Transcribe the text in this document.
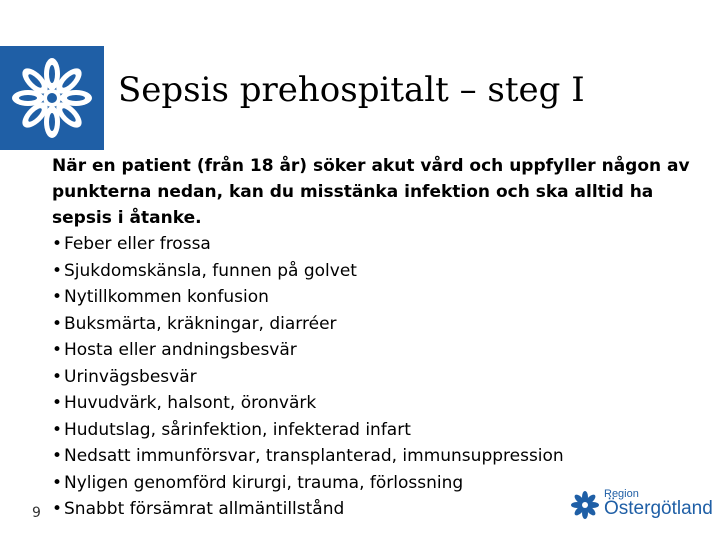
Sepsis prehospitalt – steg I
När en patient (från 18 år) söker akut vård och uppfyller någon av punkterna nedan, kan du misstänka infektion och ska alltid ha sepsis i åtanke.
• Feber eller frossa
• Sjukdomskänsla, funnen på golvet
• Nytillkommen konfusion
• Buksmärta, kräkningar, diarréer
• Hosta eller andningsbesvär
• Urinvägsbesvär
• Huvudvärk, halsont, öronvärk
• Hudutslag, sårinfektion, infekterad infart
• Nedsatt immunförsvar, transplanterad, immunsuppression
• Nyligen genomförd kirurgi, trauma, förlossning
• Snabbt försämrat allmäntillstånd
9
Region
Östergötland
